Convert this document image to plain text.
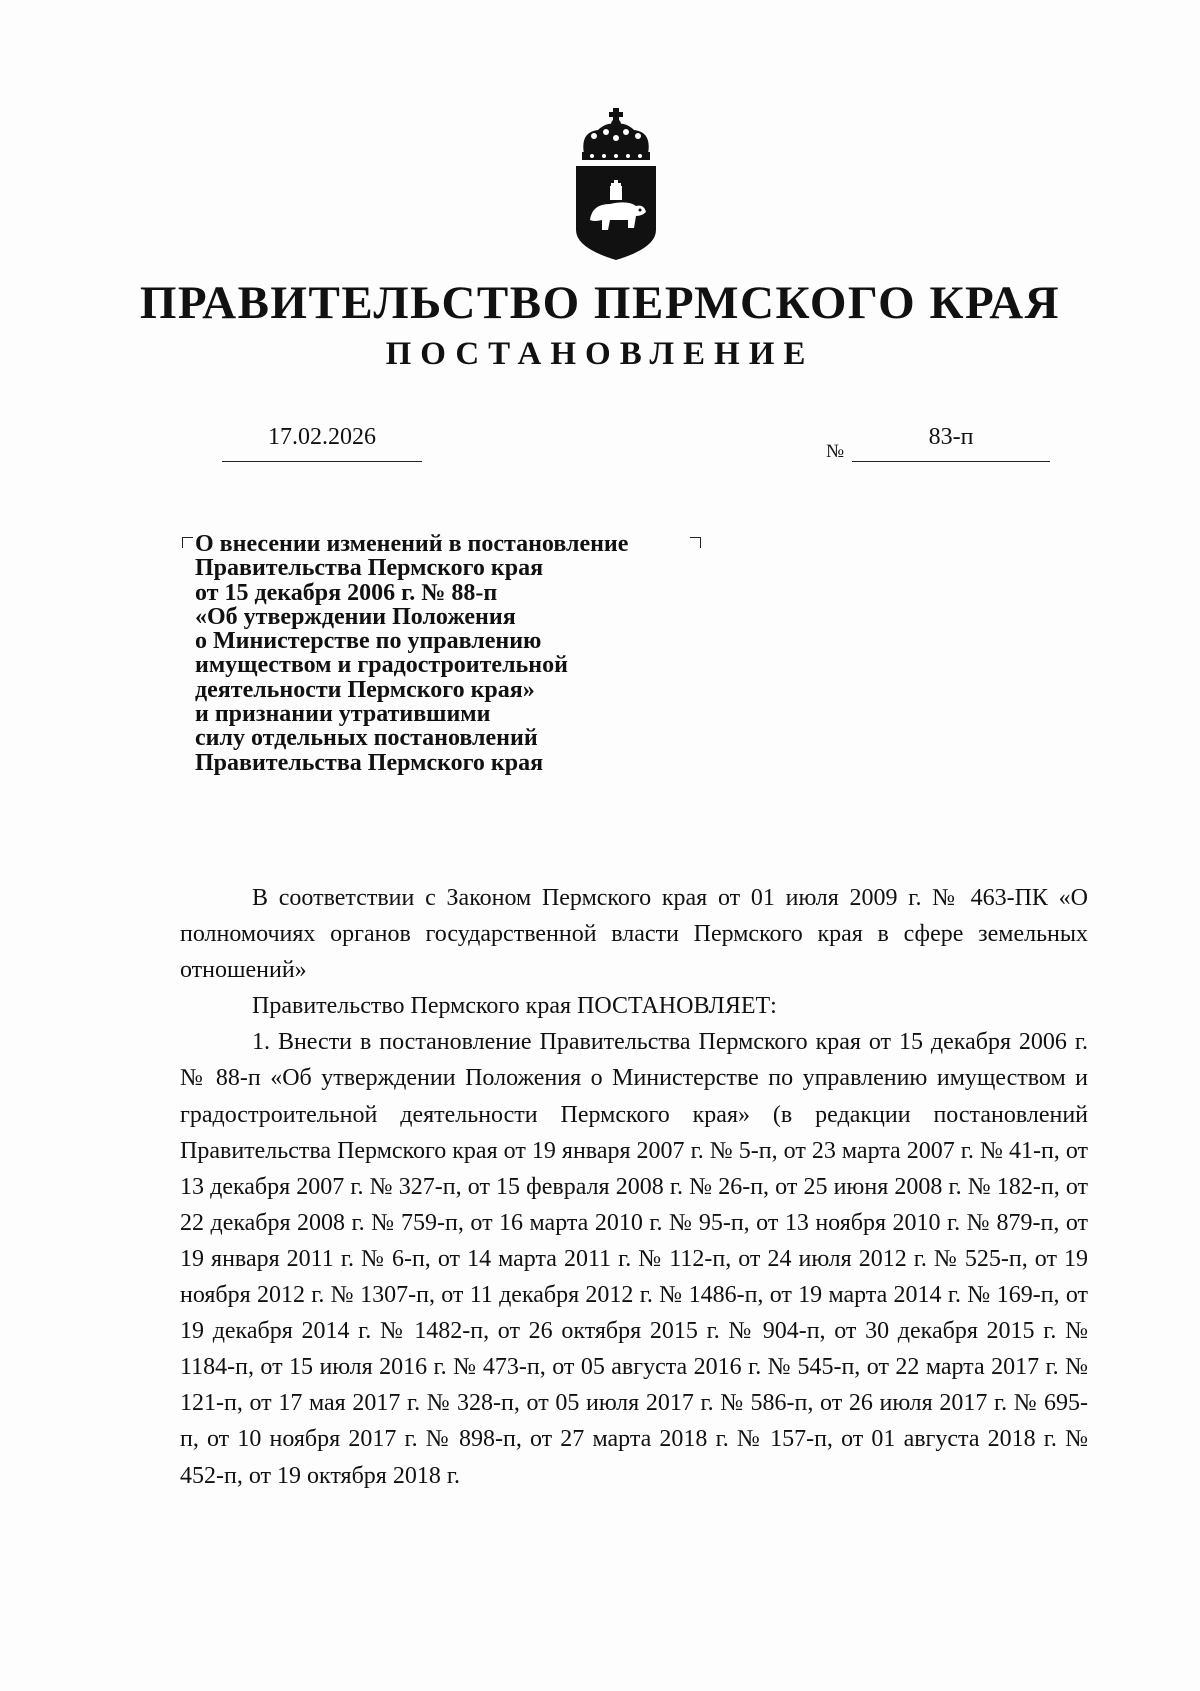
ПРАВИТЕЛЬСТВО ПЕРМСКОГО КРАЯ
ПОСТАНОВЛЕНИЕ
17.02.2026
№
83-п
О внесении изменений в постановление
Правительства Пермского края
от 15 декабря 2006 г. № 88-п
«Об утверждении Положения
о Министерстве по управлению
имуществом и градостроительной
деятельности Пермского края»
и признании утратившими
силу отдельных постановлений
Правительства Пермского края

В соответствии с Законом Пермского края от 01 июля 2009 г. № 463-ПК «О полномочиях органов государственной власти Пермского края в сфере земельных отношений»

Правительство Пермского края ПОСТАНОВЛЯЕТ:

1. Внести в постановление Правительства Пермского края от 15 декабря 2006 г. № 88-п «Об утверждении Положения о Министерстве по управлению имуществом и градостроительной деятельности Пермского края» (в редакции постановлений Правительства Пермского края от 19 января 2007 г. № 5-п, от 23 марта 2007 г. № 41-п, от 13 декабря 2007 г. № 327-п, от 15 февраля 2008 г. № 26-п, от 25 июня 2008 г. № 182-п, от 22 декабря 2008 г. № 759-п, от 16 марта 2010 г. № 95-п, от 13 ноября 2010 г. № 879-п, от 19 января 2011 г. № 6-п, от 14 марта 2011 г. № 112-п, от 24 июля 2012 г. № 525-п, от 19 ноября 2012 г. № 1307-п, от 11 декабря 2012 г. № 1486-п, от 19 марта 2014 г. № 169-п, от 19 декабря 2014 г. № 1482-п, от 26 октября 2015 г. № 904-п, от 30 декабря 2015 г. № 1184-п, от 15 июля 2016 г. № 473-п, от 05 августа 2016 г. № 545-п, от 22 марта 2017 г. № 121-п, от 17 мая 2017 г. № 328-п, от 05 июля 2017 г. № 586-п, от 26 июля 2017 г. № 695-п, от 10 ноября 2017 г. № 898-п, от 27 марта 2018 г. № 157-п, от 01 августа 2018 г. № 452-п, от 19 октября 2018 г.
